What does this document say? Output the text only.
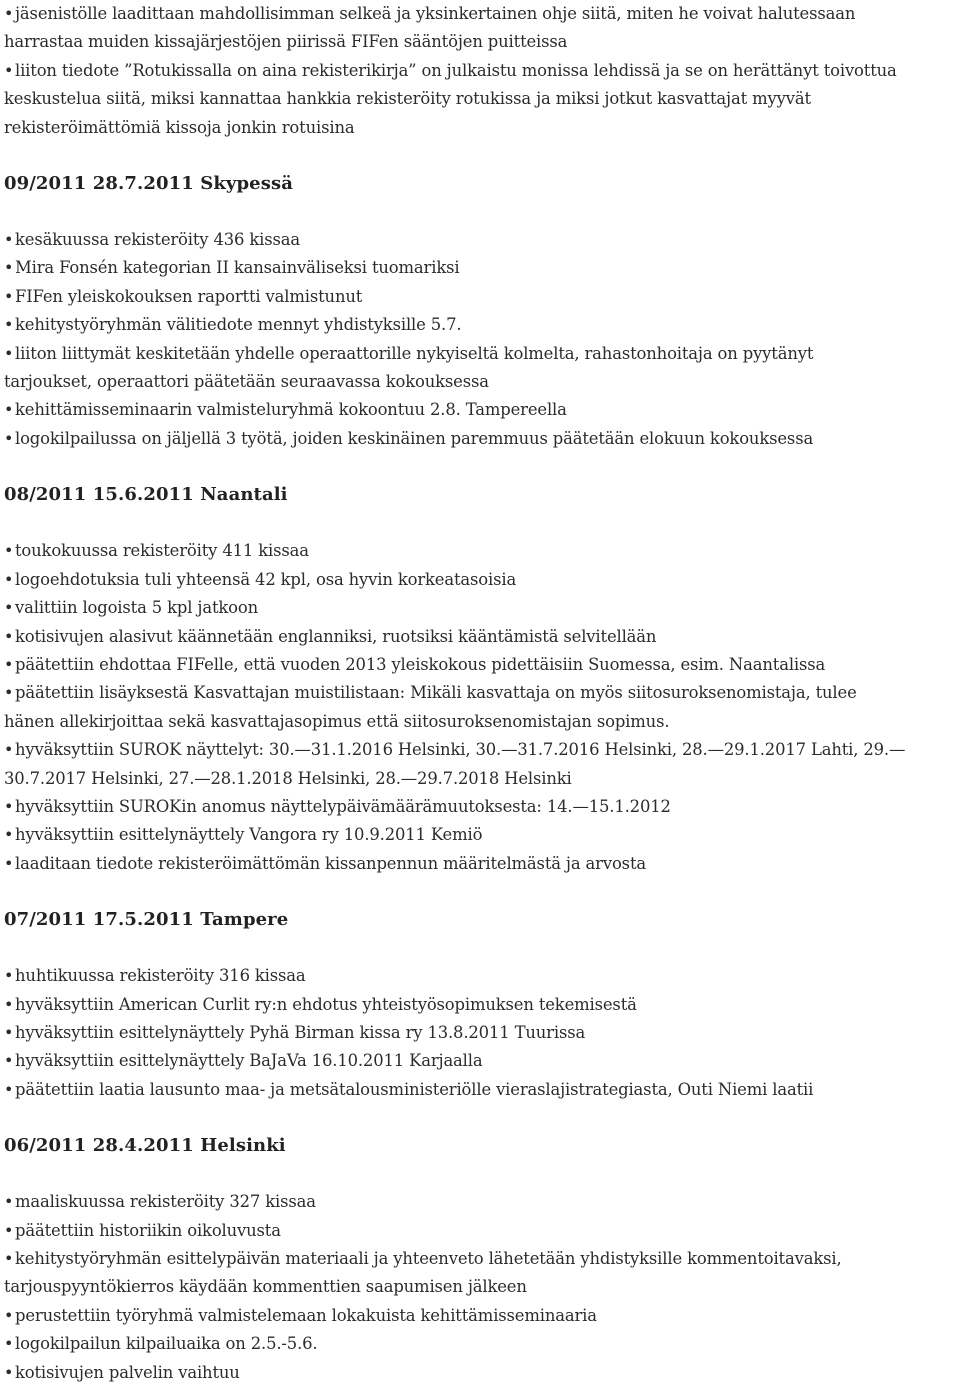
• jäsenistölle laadittaan mahdollisimman selkeä ja yksinkertainen ohje siitä, miten he voivat halutessaan
harrastaa muiden kissajärjestöjen piirissä FIFen sääntöjen puitteissa
• liiton tiedote ”Rotukissalla on aina rekisterikirja” on julkaistu monissa lehdissä ja se on herättänyt toivottua
keskustelua siitä, miksi kannattaa hankkia rekisteröity rotukissa ja miksi jotkut kasvattajat myyvät
rekisteröimättömiä kissoja jonkin rotuisina
09/2011 28.7.2011 Skypessä
• kesäkuussa rekisteröity 436 kissaa
• Mira Fonsén kategorian II kansainväliseksi tuomariksi
• FIFen yleiskokouksen raportti valmistunut
• kehitystyöryhmän välitiedote mennyt yhdistyksille 5.7.
• liiton liittymät keskitetään yhdelle operaattorille nykyiseltä kolmelta, rahastonhoitaja on pyytänyt
tarjoukset, operaattori päätetään seuraavassa kokouksessa
• kehittämisseminaarin valmisteluryhmä kokoontuu 2.8. Tampereella
• logokilpailussa on jäljellä 3 työtä, joiden keskinäinen paremmuus päätetään elokuun kokouksessa
08/2011 15.6.2011 Naantali
• toukokuussa rekisteröity 411 kissaa
• logoehdotuksia tuli yhteensä 42 kpl, osa hyvin korkeatasoisia
• valittiin logoista 5 kpl jatkoon
• kotisivujen alasivut käännetään englanniksi, ruotsiksi kääntämistä selvitellään
• päätettiin ehdottaa FIFelle, että vuoden 2013 yleiskokous pidettäisiin Suomessa, esim. Naantalissa
• päätettiin lisäyksestä Kasvattajan muistilistaan: Mikäli kasvattaja on myös siitosuroksenomistaja, tulee
hänen allekirjoittaa sekä kasvattajasopimus että siitosuroksenomistajan sopimus.
• hyväksyttiin SUROK näyttelyt: 30.—31.1.2016 Helsinki, 30.—31.7.2016 Helsinki, 28.—29.1.2017 Lahti, 29.—
30.7.2017 Helsinki, 27.—28.1.2018 Helsinki, 28.—29.7.2018 Helsinki
• hyväksyttiin SUROKin anomus näyttelypäivämäärämuutoksesta: 14.—15.1.2012
• hyväksyttiin esittelynäyttely Vangora ry 10.9.2011 Kemiö
• laaditaan tiedote rekisteröimättömän kissanpennun määritelmästä ja arvosta
07/2011 17.5.2011 Tampere
• huhtikuussa rekisteröity 316 kissaa
• hyväksyttiin American Curlit ry:n ehdotus yhteistyösopimuksen tekemisestä
• hyväksyttiin esittelynäyttely Pyhä Birman kissa ry 13.8.2011 Tuurissa
• hyväksyttiin esittelynäyttely BaJaVa 16.10.2011 Karjaalla
• päätettiin laatia lausunto maa- ja metsätalousministeriölle vieraslajistrategiasta, Outi Niemi laatii
06/2011 28.4.2011 Helsinki
• maaliskuussa rekisteröity 327 kissaa
• päätettiin historiikin oikoluvusta
• kehitystyöryhmän esittelypäivän materiaali ja yhteenveto lähetetään yhdistyksille kommentoitavaksi,
tarjouspyyntökierros käydään kommenttien saapumisen jälkeen
• perustettiin työryhmä valmistelemaan lokakuista kehittämisseminaaria
• logokilpailun kilpailuaika on 2.5.-5.6.
• kotisivujen palvelin vaihtuu
